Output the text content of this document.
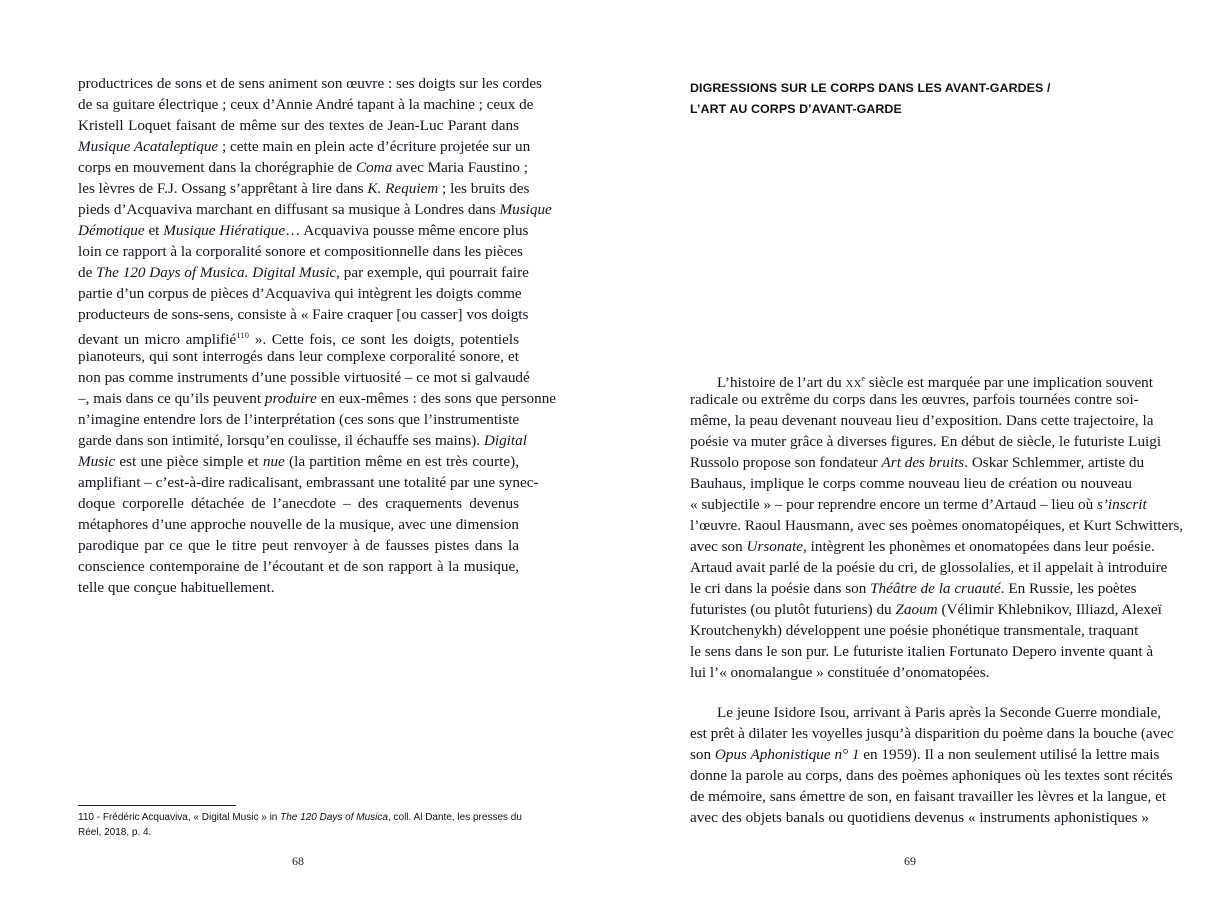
productrices de sons et de sens animent son œuvre : ses doigts sur les cordes
de sa guitare électrique ; ceux d’Annie André tapant à la machine ; ceux de
Kristell Loquet faisant de même sur des textes de Jean-Luc Parant dans
Musique Acataleptique ; cette main en plein acte d’écriture projetée sur un
corps en mouvement dans la chorégraphie de Coma avec Maria Faustino ;
les lèvres de F.J. Ossang s’apprêtant à lire dans K. Requiem ; les bruits des
pieds d’Acquaviva marchant en diffusant sa musique à Londres dans Musique
Démotique et Musique Hiératique… Acquaviva pousse même encore plus
loin ce rapport à la corporalité sonore et compositionnelle dans les pièces
de The 120 Days of Musica. Digital Music, par exemple, qui pourrait faire
partie d’un corpus de pièces d’Acquaviva qui intègrent les doigts comme
producteurs de sons-sens, consiste à « Faire craquer [ou casser] vos doigts
devant un micro amplifié$^{110}$ ». Cette fois, ce sont les doigts, potentiels
pianoteurs, qui sont interrogés dans leur complexe corporalité sonore, et
non pas comme instruments d’une possible virtuosité – ce mot si galvaudé
–, mais dans ce qu’ils peuvent produire en eux-mêmes : des sons que personne
n’imagine entendre lors de l’interprétation (ces sons que l’instrumentiste
garde dans son intimité, lorsqu’en coulisse, il échauffe ses mains). Digital
Music est une pièce simple et nue (la partition même en est très courte),
amplifiant – c’est-à-dire radicalisant, embrassant une totalité par une synec-
doque corporelle détachée de l’anecdote – des craquements devenus
métaphores d’une approche nouvelle de la musique, avec une dimension
parodique par ce que le titre peut renvoyer à de fausses pistes dans la
conscience contemporaine de l’écoutant et de son rapport à la musique,
telle que conçue habituellement.
110 - Frédéric Acquaviva, « Digital Music » in The 120 Days of Musica, coll. Al Dante, les presses du Réel, 2018, p. 4.
68
DIGRESSIONS SUR LE CORPS DANS LES AVANT-GARDES /
L’ART AU CORPS D’AVANT-GARDE
L’histoire de l’art du $xx^e$ siècle est marquée par une implication souvent
radicale ou extrême du corps dans les œuvres, parfois tournées contre soi-
même, la peau devenant nouveau lieu d’exposition. Dans cette trajectoire, la
poésie va muter grâce à diverses figures. En début de siècle, le futuriste Luigi
Russolo propose son fondateur Art des bruits. Oskar Schlemmer, artiste du
Bauhaus, implique le corps comme nouveau lieu de création ou nouveau
« subjectile » – pour reprendre encore un terme d’Artaud – lieu où s’inscrit
l’œuvre. Raoul Hausmann, avec ses poèmes onomatopéiques, et Kurt Schwitters,
avec son Ursonate, intègrent les phonèmes et onomatopées dans leur poésie.
Artaud avait parlé de la poésie du cri, de glossolalies, et il appelait à introduire
le cri dans la poésie dans son Théâtre de la cruauté. En Russie, les poètes
futuristes (ou plutôt futuriens) du Zaoum (Vélimir Khlebnikov, Illiazd, Alexeï
Kroutchenykh) développent une poésie phonétique transmentale, traquant
le sens dans le son pur. Le futuriste italien Fortunato Depero invente quant à
lui l’« onomalangue » constituée d’onomatopées.
Le jeune Isidore Isou, arrivant à Paris après la Seconde Guerre mondiale,
est prêt à dilater les voyelles jusqu’à disparition du poème dans la bouche (avec
son Opus Aphonistique n° 1 en 1959). Il a non seulement utilisé la lettre mais
donne la parole au corps, dans des poèmes aphoniques où les textes sont récités
de mémoire, sans émettre de son, en faisant travailler les lèvres et la langue, et
avec des objets banals ou quotidiens devenus « instruments aphonistiques »
69
